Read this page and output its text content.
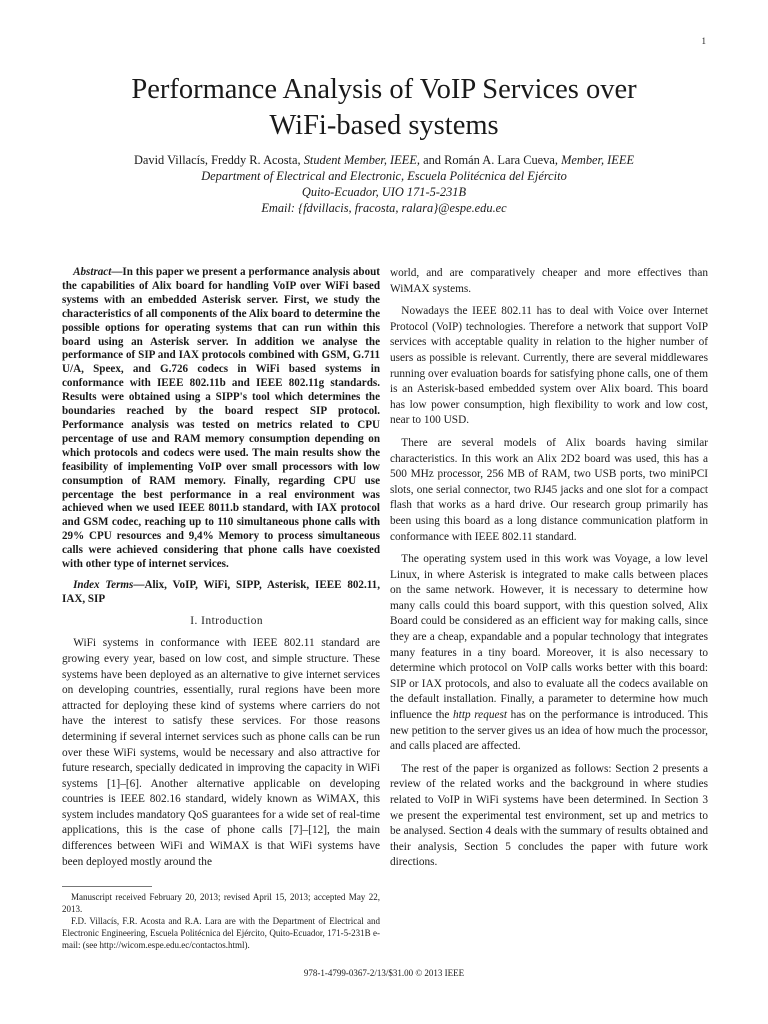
1
Performance Analysis of VoIP Services over
WiFi-based systems
David Villacís, Freddy R. Acosta, Student Member, IEEE, and Román A. Lara Cueva, Member, IEEE
Department of Electrical and Electronic, Escuela Politécnica del Ejército
Quito-Ecuador, UIO 171-5-231B
Email: {fdvillacis, fracosta, ralara}@espe.edu.ec

Abstract—In this paper we present a performance analysis about the capabilities of Alix board for handling VoIP over WiFi based systems with an embedded Asterisk server. First, we study the characteristics of all components of the Alix board to determine the possible options for operating systems that can run within this board using an Asterisk server. In addition we analyse the performance of SIP and IAX protocols combined with GSM, G.711 U/A, Speex, and G.726 codecs in WiFi based systems in conformance with IEEE 802.11b and IEEE 802.11g standards. Results were obtained using a SIPP's tool which determines the boundaries reached by the board respect SIP protocol. Performance analysis was tested on metrics related to CPU percentage of use and RAM memory consumption depending on which protocols and codecs were used. The main results show the feasibility of implementing VoIP over small processors with low consumption of RAM memory. Finally, regarding CPU use percentage the best performance in a real environment was achieved when we used IEEE 8011.b standard, with IAX protocol and GSM codec, reaching up to 110 simultaneous phone calls with 29% CPU resources and 9,4% Memory to process simultaneous calls were achieved considering that phone calls have coexisted with other type of internet services.

Index Terms—Alix, VoIP, WiFi, SIPP, Asterisk, IEEE 802.11, IAX, SIP

I. Introduction

WiFi systems in conformance with IEEE 802.11 standard are growing every year, based on low cost, and simple structure. These systems have been deployed as an alternative to give internet services on developing countries, essentially, rural regions have been more attracted for deploying these kind of systems where carriers do not have the interest to satisfy these services. For those reasons determining if several internet services such as phone calls can be run over these WiFi systems, would be necessary and also attractive for future research, specially dedicated in improving the capacity in WiFi systems [1]–[6]. Another alternative applicable on developing countries is IEEE 802.16 standard, widely known as WiMAX, this system includes mandatory QoS guarantees for a wide set of real-time applications, this is the case of phone calls [7]–[12], the main differences between WiFi and WiMAX is that WiFi systems have been deployed mostly around the

Manuscript received February 20, 2013; revised April 15, 2013; accepted May 22, 2013.

F.D. Villacís, F.R. Acosta and R.A. Lara are with the Department of Electrical and Electronic Engineering, Escuela Politécnica del Ejército, Quito-Ecuador, 171-5-231B e-mail: (see http://wicom.espe.edu.ec/contactos.html).

world, and are comparatively cheaper and more effectives than WiMAX systems.

Nowadays the IEEE 802.11 has to deal with Voice over Internet Protocol (VoIP) technologies. Therefore a network that support VoIP services with acceptable quality in relation to the higher number of users as possible is relevant. Currently, there are several middlewares running over evaluation boards for satisfying phone calls, one of them is an Asterisk-based embedded system over Alix board. This board has low power consumption, high flexibility to work and low cost, near to 100 USD.

There are several models of Alix boards having similar characteristics. In this work an Alix 2D2 board was used, this has a 500 MHz processor, 256 MB of RAM, two USB ports, two miniPCI slots, one serial connector, two RJ45 jacks and one slot for a compact flash that works as a hard drive. Our research group primarily has been using this board as a long distance communication platform in conformance with IEEE 802.11 standard.

The operating system used in this work was Voyage, a low level Linux, in where Asterisk is integrated to make calls between places on the same network. However, it is necessary to determine how many calls could this board support, with this question solved, Alix Board could be considered as an efficient way for making calls, since they are a cheap, expandable and a popular technology that integrates many features in a tiny board. Moreover, it is also necessary to determine which protocol on VoIP calls works better with this board: SIP or IAX protocols, and also to evaluate all the codecs available on the default installation. Finally, a parameter to determine how much influence the http request has on the performance is introduced. This new petition to the server gives us an idea of how much the processor, and calls placed are affected.

The rest of the paper is organized as follows: Section 2 presents a review of the related works and the background in where studies related to VoIP in WiFi systems have been determined. In Section 3 we present the experimental test environment, set up and metrics to be analysed. Section 4 deals with the summary of results obtained and their analysis, Section 5 concludes the paper with future work directions.

978-1-4799-0367-2/13/$31.00 © 2013 IEEE
